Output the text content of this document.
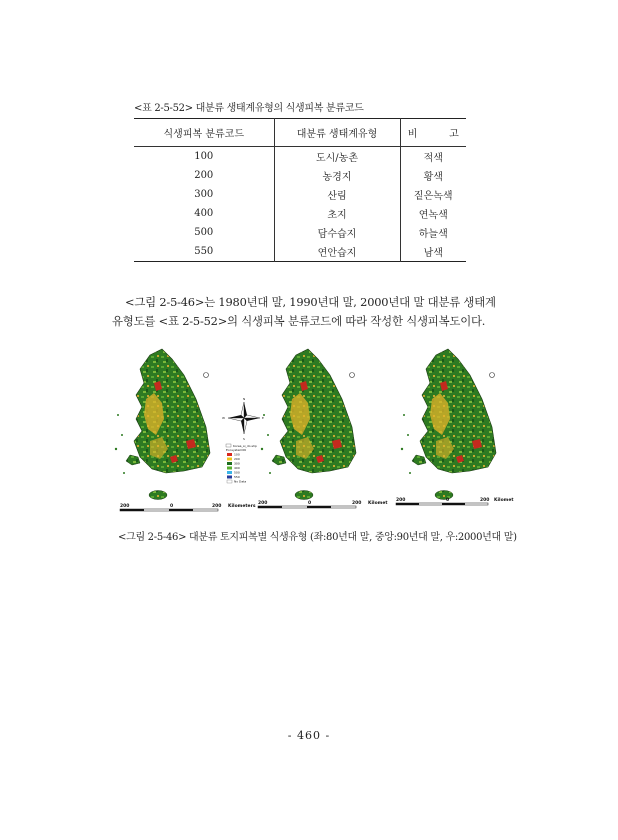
<표 2-5-52> 대분류 생태계유형의 식생피복 분류코드
식생피복 분류코드	대분류 생태계유형	비          고
100	도시/농촌	적색
200	농경지	황색
300	산림	짙은녹색
400	초지	연녹색
500	담수습지	하늘색
550	연안습지	남색

<그림 2-5-46>는 1980년대 말, 1990년대 말, 2000년대 말 대분류 생태계

유형도를 <표 2-5-52>의 식생피복 분류코드에 따라 작성한 식생피복도이다.

N
S
E
W
Korea_si_do.shp
Ecosystem06
100
200
300
400
500
550
No Data
200	0	200 Kilometers
200	0	200 Kilomet
200	0	200 Kilomet
<그림 2-5-46> 대분류 토지피복별 식생유형 (좌:80년대 말, 중앙:90년대 말, 우:2000년대 말)
- 460 -
